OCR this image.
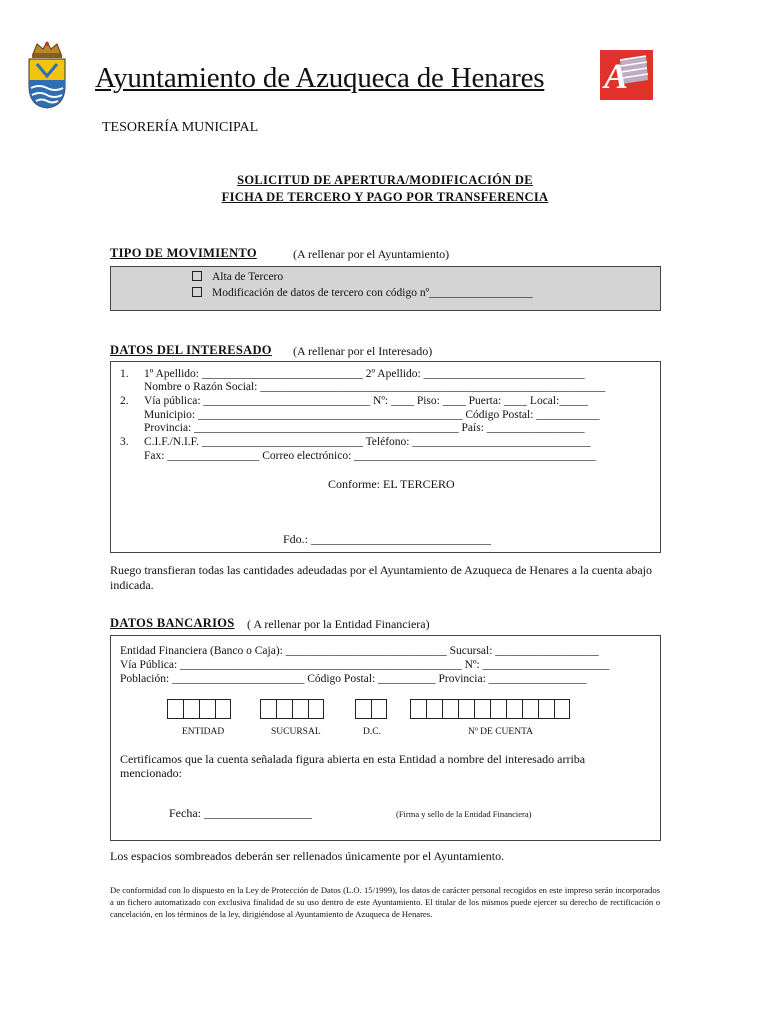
Ayuntamiento de Azuqueca de Henares A
TESORERÍA MUNICIPAL
SOLICITUD DE APERTURA/MODIFICACIÓN DE
FICHA DE TERCERO Y PAGO POR TRANSFERENCIA
TIPO DE MOVIMIENTO	(A rellenar por el Ayuntamiento)
Alta de Tercero
Modificación de datos de tercero con código nº__________________
DATOS DEL INTERESADO (A rellenar por el Interesado)
1. 1º Apellido: ____________________________ 2º Apellido: ____________________________
Nombre o Razón Social: ____________________________________________________________
2. Vía pública: _____________________________ Nº: ____ Piso: ____ Puerta: ____ Local:_____
Municipio: ______________________________________________ Código Postal: ___________
Provincia: ______________________________________________ País: _________________
3. C.I.F./N.I.F. ____________________________ Teléfono: _______________________________
Fax: ________________ Correo electrónico: __________________________________________
Conforme: EL TERCERO
Fdo.: ______________________________
Ruego transfieran todas las cantidades adeudadas por el Ayuntamiento de Azuqueca de Henares a la cuenta abajo indicada.
DATOS BANCARIOS ( A rellenar por la Entidad Financiera)
Entidad Financiera (Banco o Caja): ____________________________ Sucursal: __________________
Vía Pública: _________________________________________________ Nº: ______________________
Población: _______________________ Código Postal: __________ Provincia: _________________
ENTIDAD	SUCURSAL	D.C.	Nº DE CUENTA
Certificamos que la cuenta señalada figura abierta en esta Entidad a nombre del interesado arriba mencionado:
Fecha: __________________	(Firma y sello de la Entidad Financiera)
Los espacios sombreados deberán ser rellenados únicamente por el Ayuntamiento.
De conformidad con lo dispuesto en la Ley de Protección de Datos (L.O. 15/1999), los datos de carácter personal recogidos en este impreso serán incorporados a un fichero automatizado con exclusiva finalidad de su uso dentro de este Ayuntamiento. El titular de los mismos puede ejercer su derecho de rectificación o cancelación, en los términos de la ley, dirigiéndose al Ayuntamiento de Azuqueca de Henares.
